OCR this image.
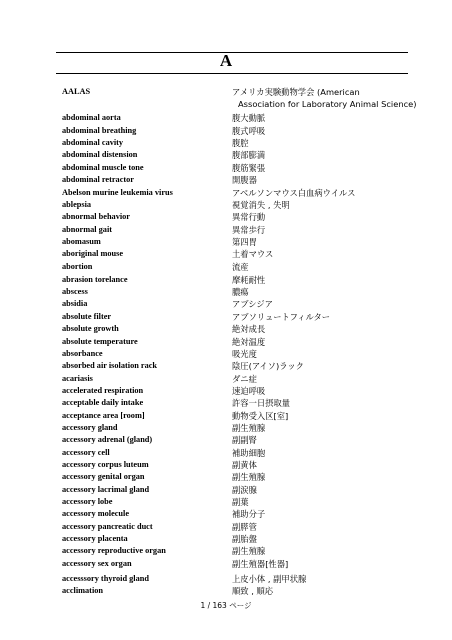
A
AALAS	アメリカ実験動物学会 (American
Association for Laboratory Animal Science)
abdominal aorta	腹大動脈
abdominal breathing	腹式呼吸
abdominal cavity	腹腔
abdominal distension	腹部膨満
abdominal muscle tone	腹筋緊張
abdominal retractor	開腹器
Abelson murine leukemia virus	アベルソンマウス白血病ウイルス
ablepsia	視覚消失 , 失明
abnormal behavior	異常行動
abnormal gait	異常歩行
abomasum	第四胃
aboriginal mouse	土着マウス
abortion	流産
abrasion torelance	摩耗耐性
abscess	膿瘍
absidia	アブシジア
absolute filter	アブソリュートフィルター
absolute growth	絶対成長
absolute temperature	絶対温度
absorbance	吸光度
absorbed air isolation rack	陰圧(アイソ)ラック
acariasis	ダニ症
accelerated respiration	速迫呼吸
acceptable daily intake	許容一日摂取量
acceptance area [room]	動物受入区[室]
accessory gland	副生殖腺
accessory adrenal (gland)	副副腎
accessory cell	補助細胞
accessory corpus luteum	副黄体
accessory genital organ	副生殖腺
accessory lacrimal gland	副涙腺
accessory lobe	副葉
accessory molecule	補助分子
accessory pancreatic duct	副膵管
accessory placenta	副胎盤
accessory reproductive organ	副生殖腺
accessory sex organ	副生殖器[性器]
accesssory thyroid gland	上皮小体 , 副甲状腺
acclimation	順致 , 順応
1 / 163 ページ
